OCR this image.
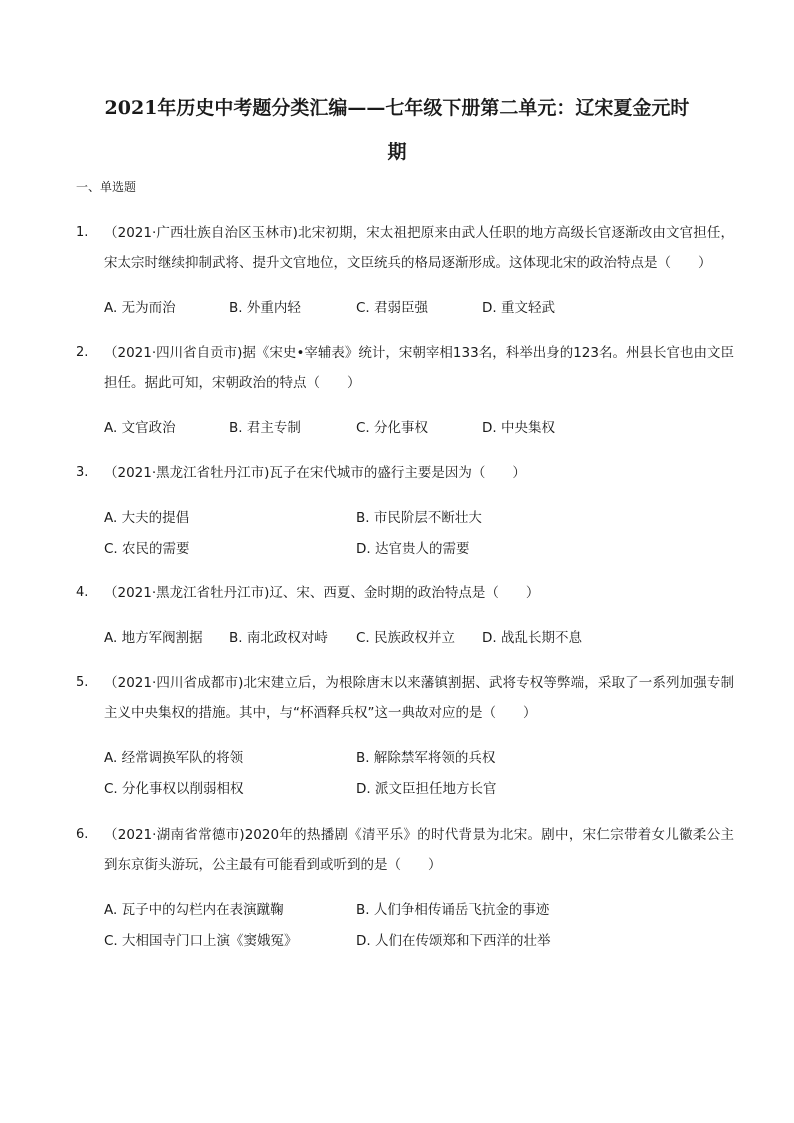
2021年历史中考题分类汇编——七年级下册第二单元：辽宋夏金元时
期
一、单选题
1. （2021·广西壮族自治区玉林市)北宋初期，宋太祖把原来由武人任职的地方高级长官逐渐改由文官担任，宋太宗时继续抑制武将、提升文官地位，文臣统兵的格局逐渐形成。这体现北宋的政治特点是（　　）
A. 无为而治	B. 外重内轻	C. 君弱臣强	D. 重文轻武
2. （2021·四川省自贡市)据《宋史•宰辅表》统计，宋朝宰相133名，科举出身的123名。州县长官也由文臣担任。据此可知，宋朝政治的特点（　　）
A. 文官政治	B. 君主专制	C. 分化事权	D. 中央集权
3. （2021·黑龙江省牡丹江市)瓦子在宋代城市的盛行主要是因为（　　）
A. 大夫的提倡	B. 市民阶层不断壮大
C. 农民的需要	D. 达官贵人的需要
4. （2021·黑龙江省牡丹江市)辽、宋、西夏、金时期的政治特点是（　　）
A. 地方军阀割据 B. 南北政权对峙 C. 民族政权并立 D. 战乱长期不息
5. （2021·四川省成都市)北宋建立后，为根除唐末以来藩镇割据、武将专权等弊端，采取了一系列加强专制主义中央集权的措施。其中，与“杯酒释兵权”这一典故对应的是（　　）
A. 经常调换军队的将领	B. 解除禁军将领的兵权
C. 分化事权以削弱相权	D. 派文臣担任地方长官
6. （2021·湖南省常德市)2020年的热播剧《清平乐》的时代背景为北宋。剧中，宋仁宗带着女儿徽柔公主到东京街头游玩，公主最有可能看到或听到的是（　　）
A. 瓦子中的勾栏内在表演蹴鞠	B. 人们争相传诵岳飞抗金的事迹
C. 大相国寺门口上演《窦娥冤》	D. 人们在传颂郑和下西洋的壮举
